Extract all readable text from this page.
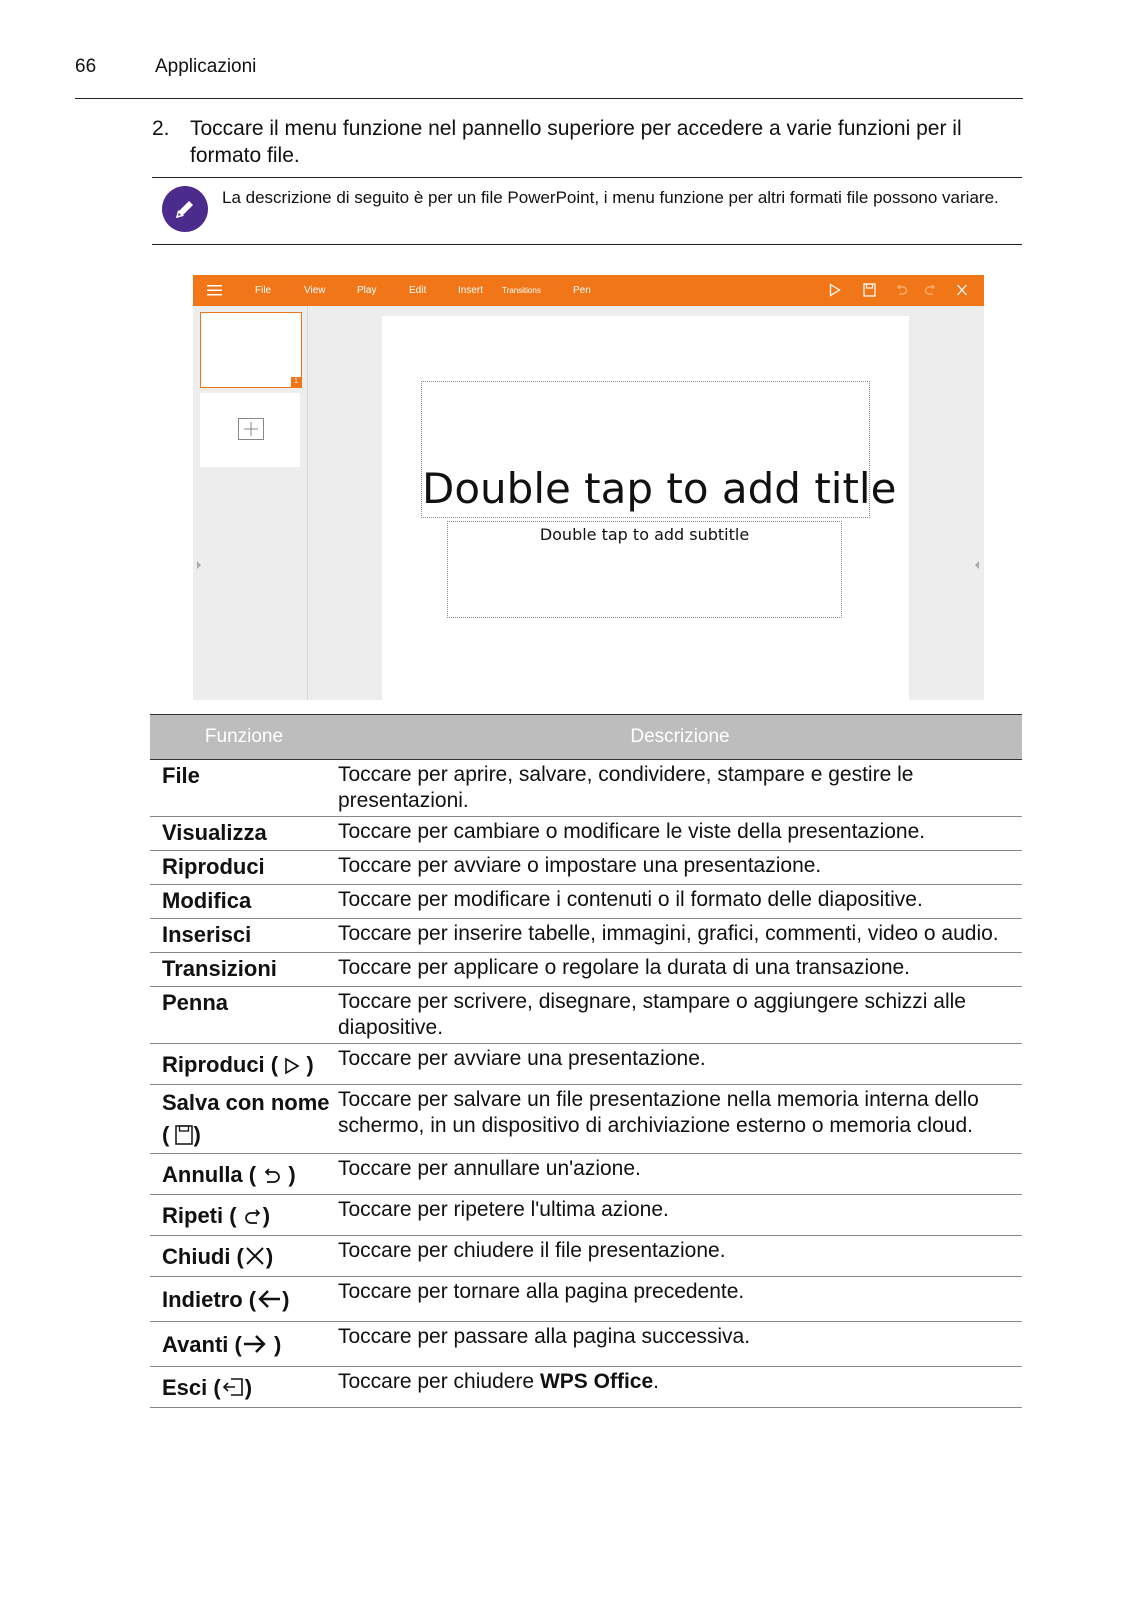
66	Applicazioni
2. Toccare il menu funzione nel pannello superiore per accedere a varie funzioni per il formato file.
La descrizione di seguito è per un file PowerPoint, i menu funzione per altri formati file possono variare.
File	View	Play	Edit	Insert Transitions	Pen
1
Double tap to add title
Double tap to add subtitle
Funzione	Descrizione
File	Toccare per aprire, salvare, condividere, stampare e gestire le presentazioni.
Visualizza	Toccare per cambiare o modificare le viste della presentazione.
Riproduci	Toccare per avviare o impostare una presentazione.
Modifica	Toccare per modificare i contenuti o il formato delle diapositive.
Inserisci	Toccare per inserire tabelle, immagini, grafici, commenti, video o audio.
Transizioni	Toccare per applicare o regolare la durata di una transazione.
Penna	Toccare per scrivere, disegnare, stampare o aggiungere schizzi alle diapositive.
Riproduci (  )	Toccare per avviare una presentazione.
Salva con nome ( )	Toccare per salvare un file presentazione nella memoria interna dello schermo, in un dispositivo di archiviazione esterno o memoria cloud.
Annulla (  )	Toccare per annullare un'azione.
Ripeti ( )	Toccare per ripetere l'ultima azione.
Chiudi ( )	Toccare per chiudere il file presentazione.
Indietro ( )	Toccare per tornare alla pagina precedente.
Avanti ( )	Toccare per passare alla pagina successiva.
Esci ( )	Toccare per chiudere WPS Office.
